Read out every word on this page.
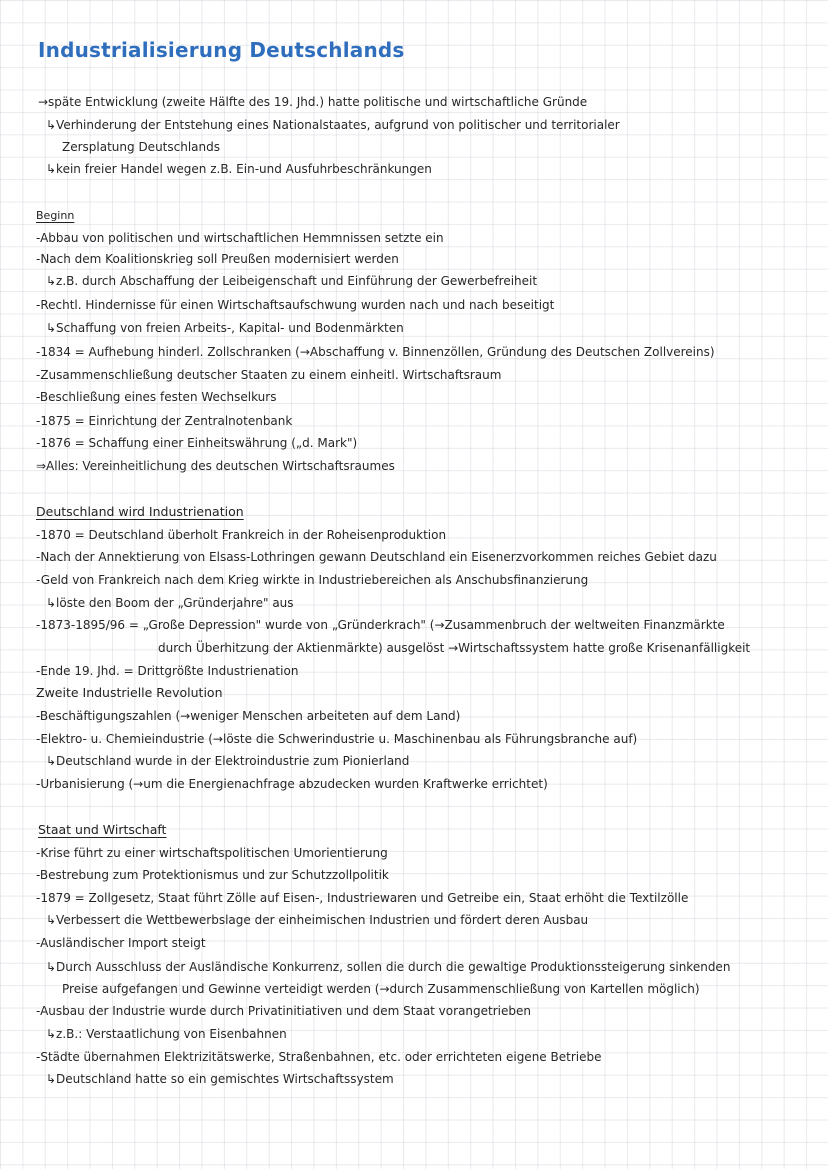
Industrialisierung Deutschlands
→späte Entwicklung (zweite Hälfte des 19. Jhd.) hatte politische und wirtschaftliche Gründe
↳Verhinderung der Entstehung eines Nationalstaates, aufgrund von politischer und territorialer
Zersplatung Deutschlands
↳kein freier Handel wegen z.B. Ein-und Ausfuhrbeschränkungen
Beginn
-Abbau von politischen und wirtschaftlichen Hemmnissen setzte ein
-Nach dem Koalitionskrieg soll Preußen modernisiert werden
↳z.B. durch Abschaffung der Leibeigenschaft und Einführung der Gewerbefreiheit
-Rechtl. Hindernisse für einen Wirtschaftsaufschwung wurden nach und nach beseitigt
↳Schaffung von freien Arbeits-, Kapital- und Bodenmärkten
-1834 = Aufhebung hinderl. Zollschranken (→Abschaffung v. Binnenzöllen, Gründung des Deutschen Zollvereins)
-Zusammenschließung deutscher Staaten zu einem einheitl. Wirtschaftsraum
-Beschließung eines festen Wechselkurs
-1875 = Einrichtung der Zentralnotenbank
-1876 = Schaffung einer Einheitswährung („d. Mark")
⇒Alles: Vereinheitlichung des deutschen Wirtschaftsraumes
Deutschland wird Industrienation
-1870 = Deutschland überholt Frankreich in der Roheisenproduktion
-Nach der Annektierung von Elsass-Lothringen gewann Deutschland ein Eisenerzvorkommen reiches Gebiet dazu
-Geld von Frankreich nach dem Krieg wirkte in Industriebereichen als Anschubsfinanzierung
↳löste den Boom der „Gründerjahre" aus
-1873-1895/96 = „Große Depression" wurde von „Gründerkrach" (→Zusammenbruch der weltweiten Finanzmärkte
durch Überhitzung der Aktienmärkte) ausgelöst →Wirtschaftssystem hatte große Krisenanfälligkeit
-Ende 19. Jhd. = Drittgrößte Industrienation
Zweite Industrielle Revolution
-Beschäftigungszahlen (→weniger Menschen arbeiteten auf dem Land)
-Elektro- u. Chemieindustrie (→löste die Schwerindustrie u. Maschinenbau als Führungsbranche auf)
↳Deutschland wurde in der Elektroindustrie zum Pionierland
-Urbanisierung (→um die Energienachfrage abzudecken wurden Kraftwerke errichtet)
Staat und Wirtschaft
-Krise führt zu einer wirtschaftspolitischen Umorientierung
-Bestrebung zum Protektionismus und zur Schutzzollpolitik
-1879 = Zollgesetz, Staat führt Zölle auf Eisen-, Industriewaren und Getreibe ein, Staat erhöht die Textilzölle
↳Verbessert die Wettbewerbslage der einheimischen Industrien und fördert deren Ausbau
-Ausländischer Import steigt
↳Durch Ausschluss der Ausländische Konkurrenz, sollen die durch die gewaltige Produktionssteigerung sinkenden
Preise aufgefangen und Gewinne verteidigt werden (→durch Zusammenschließung von Kartellen möglich)
-Ausbau der Industrie wurde durch Privatinitiativen und dem Staat vorangetrieben
↳z.B.: Verstaatlichung von Eisenbahnen
-Städte übernahmen Elektrizitätswerke, Straßenbahnen, etc. oder errichteten eigene Betriebe
↳Deutschland hatte so ein gemischtes Wirtschaftssystem
